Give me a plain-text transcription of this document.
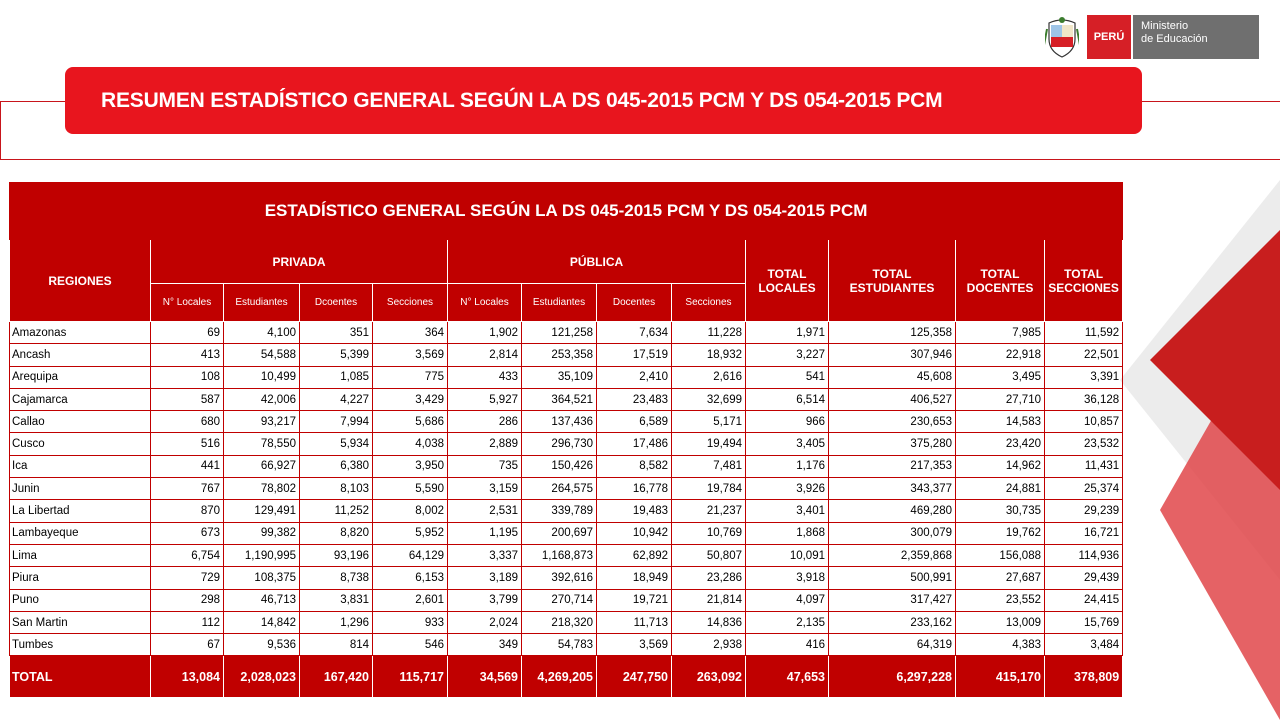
PERÚ
Ministerio
de Educación
RESUMEN ESTADÍSTICO GENERAL SEGÚN LA DS 045-2015 PCM Y DS 054-2015 PCM
ESTADÍSTICO GENERAL SEGÚN LA DS 045-2015 PCM Y DS 054-2015 PCM												
REGIONES	PRIVADA				PÚBLICA				TOTAL LOCALES	TOTAL ESTUDIANTES	TOTAL DOCENTES	TOTAL SECCIONES
	N° Locales	Estudiantes	Dcoentes	Secciones	N° Locales	Estudiantes	Docentes	Secciones				
Amazonas	69	4,100	351	364	1,902	121,258	7,634	11,228	1,971	125,358	7,985	11,592
Ancash	413	54,588	5,399	3,569	2,814	253,358	17,519	18,932	3,227	307,946	22,918	22,501
Arequipa	108	10,499	1,085	775	433	35,109	2,410	2,616	541	45,608	3,495	3,391
Cajamarca	587	42,006	4,227	3,429	5,927	364,521	23,483	32,699	6,514	406,527	27,710	36,128
Callao	680	93,217	7,994	5,686	286	137,436	6,589	5,171	966	230,653	14,583	10,857
Cusco	516	78,550	5,934	4,038	2,889	296,730	17,486	19,494	3,405	375,280	23,420	23,532
Ica	441	66,927	6,380	3,950	735	150,426	8,582	7,481	1,176	217,353	14,962	11,431
Junin	767	78,802	8,103	5,590	3,159	264,575	16,778	19,784	3,926	343,377	24,881	25,374
La Libertad	870	129,491	11,252	8,002	2,531	339,789	19,483	21,237	3,401	469,280	30,735	29,239
Lambayeque	673	99,382	8,820	5,952	1,195	200,697	10,942	10,769	1,868	300,079	19,762	16,721
Lima	6,754	1,190,995	93,196	64,129	3,337	1,168,873	62,892	50,807	10,091	2,359,868	156,088	114,936
Piura	729	108,375	8,738	6,153	3,189	392,616	18,949	23,286	3,918	500,991	27,687	29,439
Puno	298	46,713	3,831	2,601	3,799	270,714	19,721	21,814	4,097	317,427	23,552	24,415
San Martin	112	14,842	1,296	933	2,024	218,320	11,713	14,836	2,135	233,162	13,009	15,769
Tumbes	67	9,536	814	546	349	54,783	3,569	2,938	416	64,319	4,383	3,484
TOTAL	13,084	2,028,023	167,420	115,717	34,569	4,269,205	247,750	263,092	47,653	6,297,228	415,170	378,809
